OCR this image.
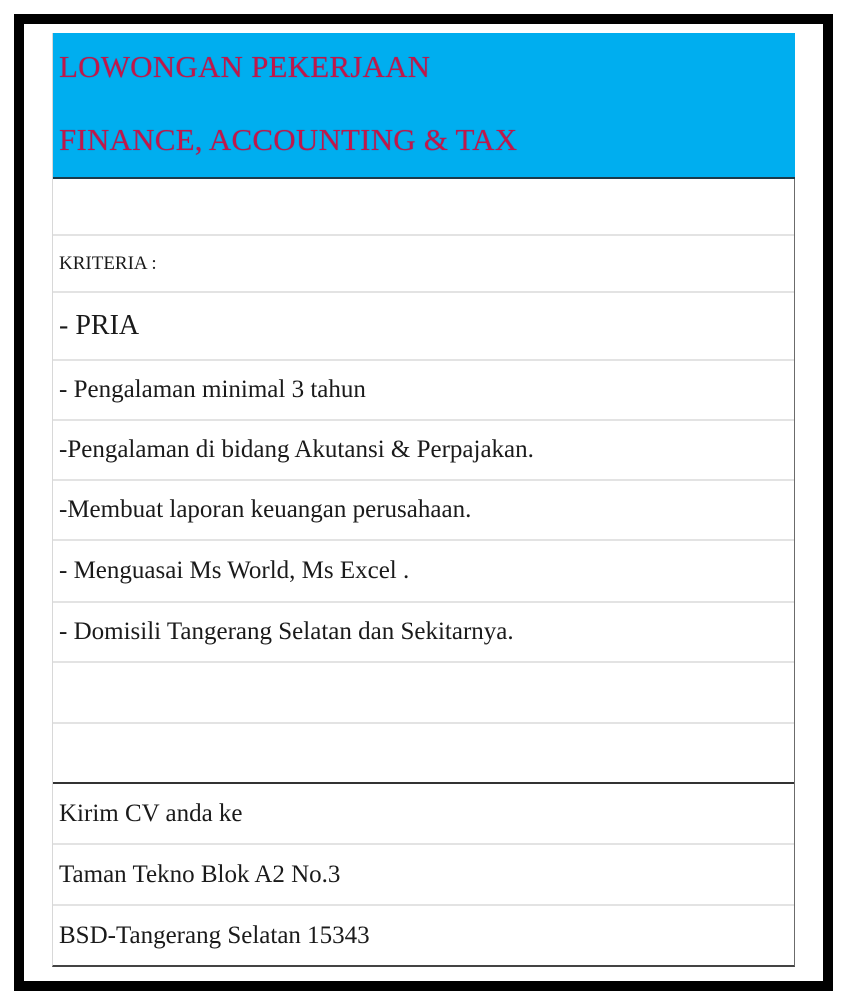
LOWONGAN PEKERJAAN
FINANCE, ACCOUNTING & TAX
KRITERIA :
- PRIA
- Pengalaman minimal 3 tahun
-Pengalaman di bidang Akutansi & Perpajakan.
-Membuat laporan keuangan perusahaan.
- Menguasai Ms World, Ms Excel .
- Domisili Tangerang Selatan dan Sekitarnya.
Kirim CV anda ke
Taman Tekno Blok A2 No.3
BSD-Tangerang Selatan 15343
